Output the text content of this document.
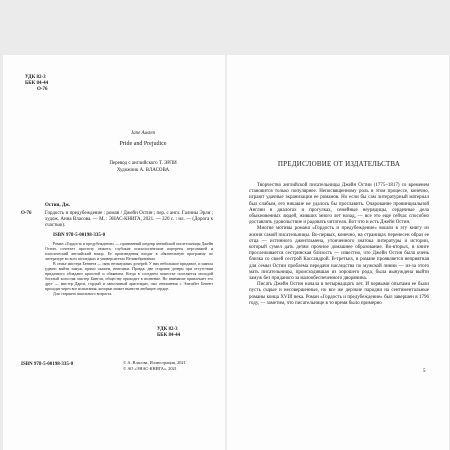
УДК 82-3
ББК 84-44
О-76
Jane Austen
Pride and Prejudice
Перевод с английского Т. ЭРЛИ
Художник А. ВЛАСОВА
Остин, Дж.
О-76	Гордость и предубеждение : роман / Джейн Остин ; пер. с англ. Галины Эрли ; худож. Анна Власова. — М. : ЭНАС-КНИГА, 2021. — 320 с. : ил. — (Дорога к счастью).
ISBN 978-5-00198-335-0

Роман «Гордость и предубеждение» — признанный шедевр английской писательницы Джейн Остин, сочетает простоту сюжета, глубокие психологические портреты персонажей и классический английский юмор. Ее произведения входят в обязательную программу по литературе во всех колледжах и университетах Великобритании.

В семье мистера Беннета — пять незамужних дочерей. У них небольшое приданое, и шансы удачно выйти замуж, прямо скажем, невелики. Правда, две старшие дочери при отсутствии придачного обладают красотой и обаянием. Когда в соседнем поместье поселяется молодой богатый холостяк мистер Бингли, обществу приходит в волнение. Но внимание привлекает его друг — мистер Дарси, гордый и заносчивый аристократ, чьи отношения с Элизабет Беннет проходят через все испытания, которые может вынести любящее сердце.

Для старшего школьного возраста.

УДК 82-3
ББК 84-44
ISBN 978-5-00198-335-0	© А. Власова. Иллюстрации, 2021
© АО «ЭНАС-КНИГА», 2021
ПРЕДИСЛОВИЕ ОТ ИЗДАТЕЛЬСТВА

Творчество английской писательницы Джейн Остин (1775–1817) со временем становится только популярнее. Непосвященному роль в этом процессе, конечно, играют удачные экранизации ее романов. Но если бы сам литературный материал был слабым, его никакие не удалось бы прославить. Очарование провинциальной Англии в диалогах и прогулках, семейные неурядицы, сердечные дела обыкновенных людей, живших много лет назад, — все это еще сейчас способно доставлять удовольствие и радовать читателя. Вот что и есть Джейн Остин.

Многие мотивы романа «Гордость и предубеждение» вошли в эту книгу из жизни самой писательницы. Во-первых, конечно, на страницах перенесен образ ее отца — истинного джентльмена, утонченного знатока литературы и истории, который сумел дать детям прочное домашнее образование. Во-вторых, в книге прослеживается сестринская близость — известно, что Джейн Остин была очень близка со своей сестрой Кассандрой. В-третьих, в романе проявляется неприятная для семьи Остин проблема передачи наследства по мужской линии — из-за этого мать писательницы, происходившая из хорошего рода, была вынуждена выйти замуж без приданого за малообеспеченного дворянина.

Писать Джейн Остин начала в четырнадцать лет. И первыми опытами ее были пусть сырые и несовершенные, но все же дерзкие пародии на сентиментальные романы конца XVIII века. Роман «Гордость и предубеждение» был завершен в 1796 году, — заметим, что писательнице в то время было примерно

5
